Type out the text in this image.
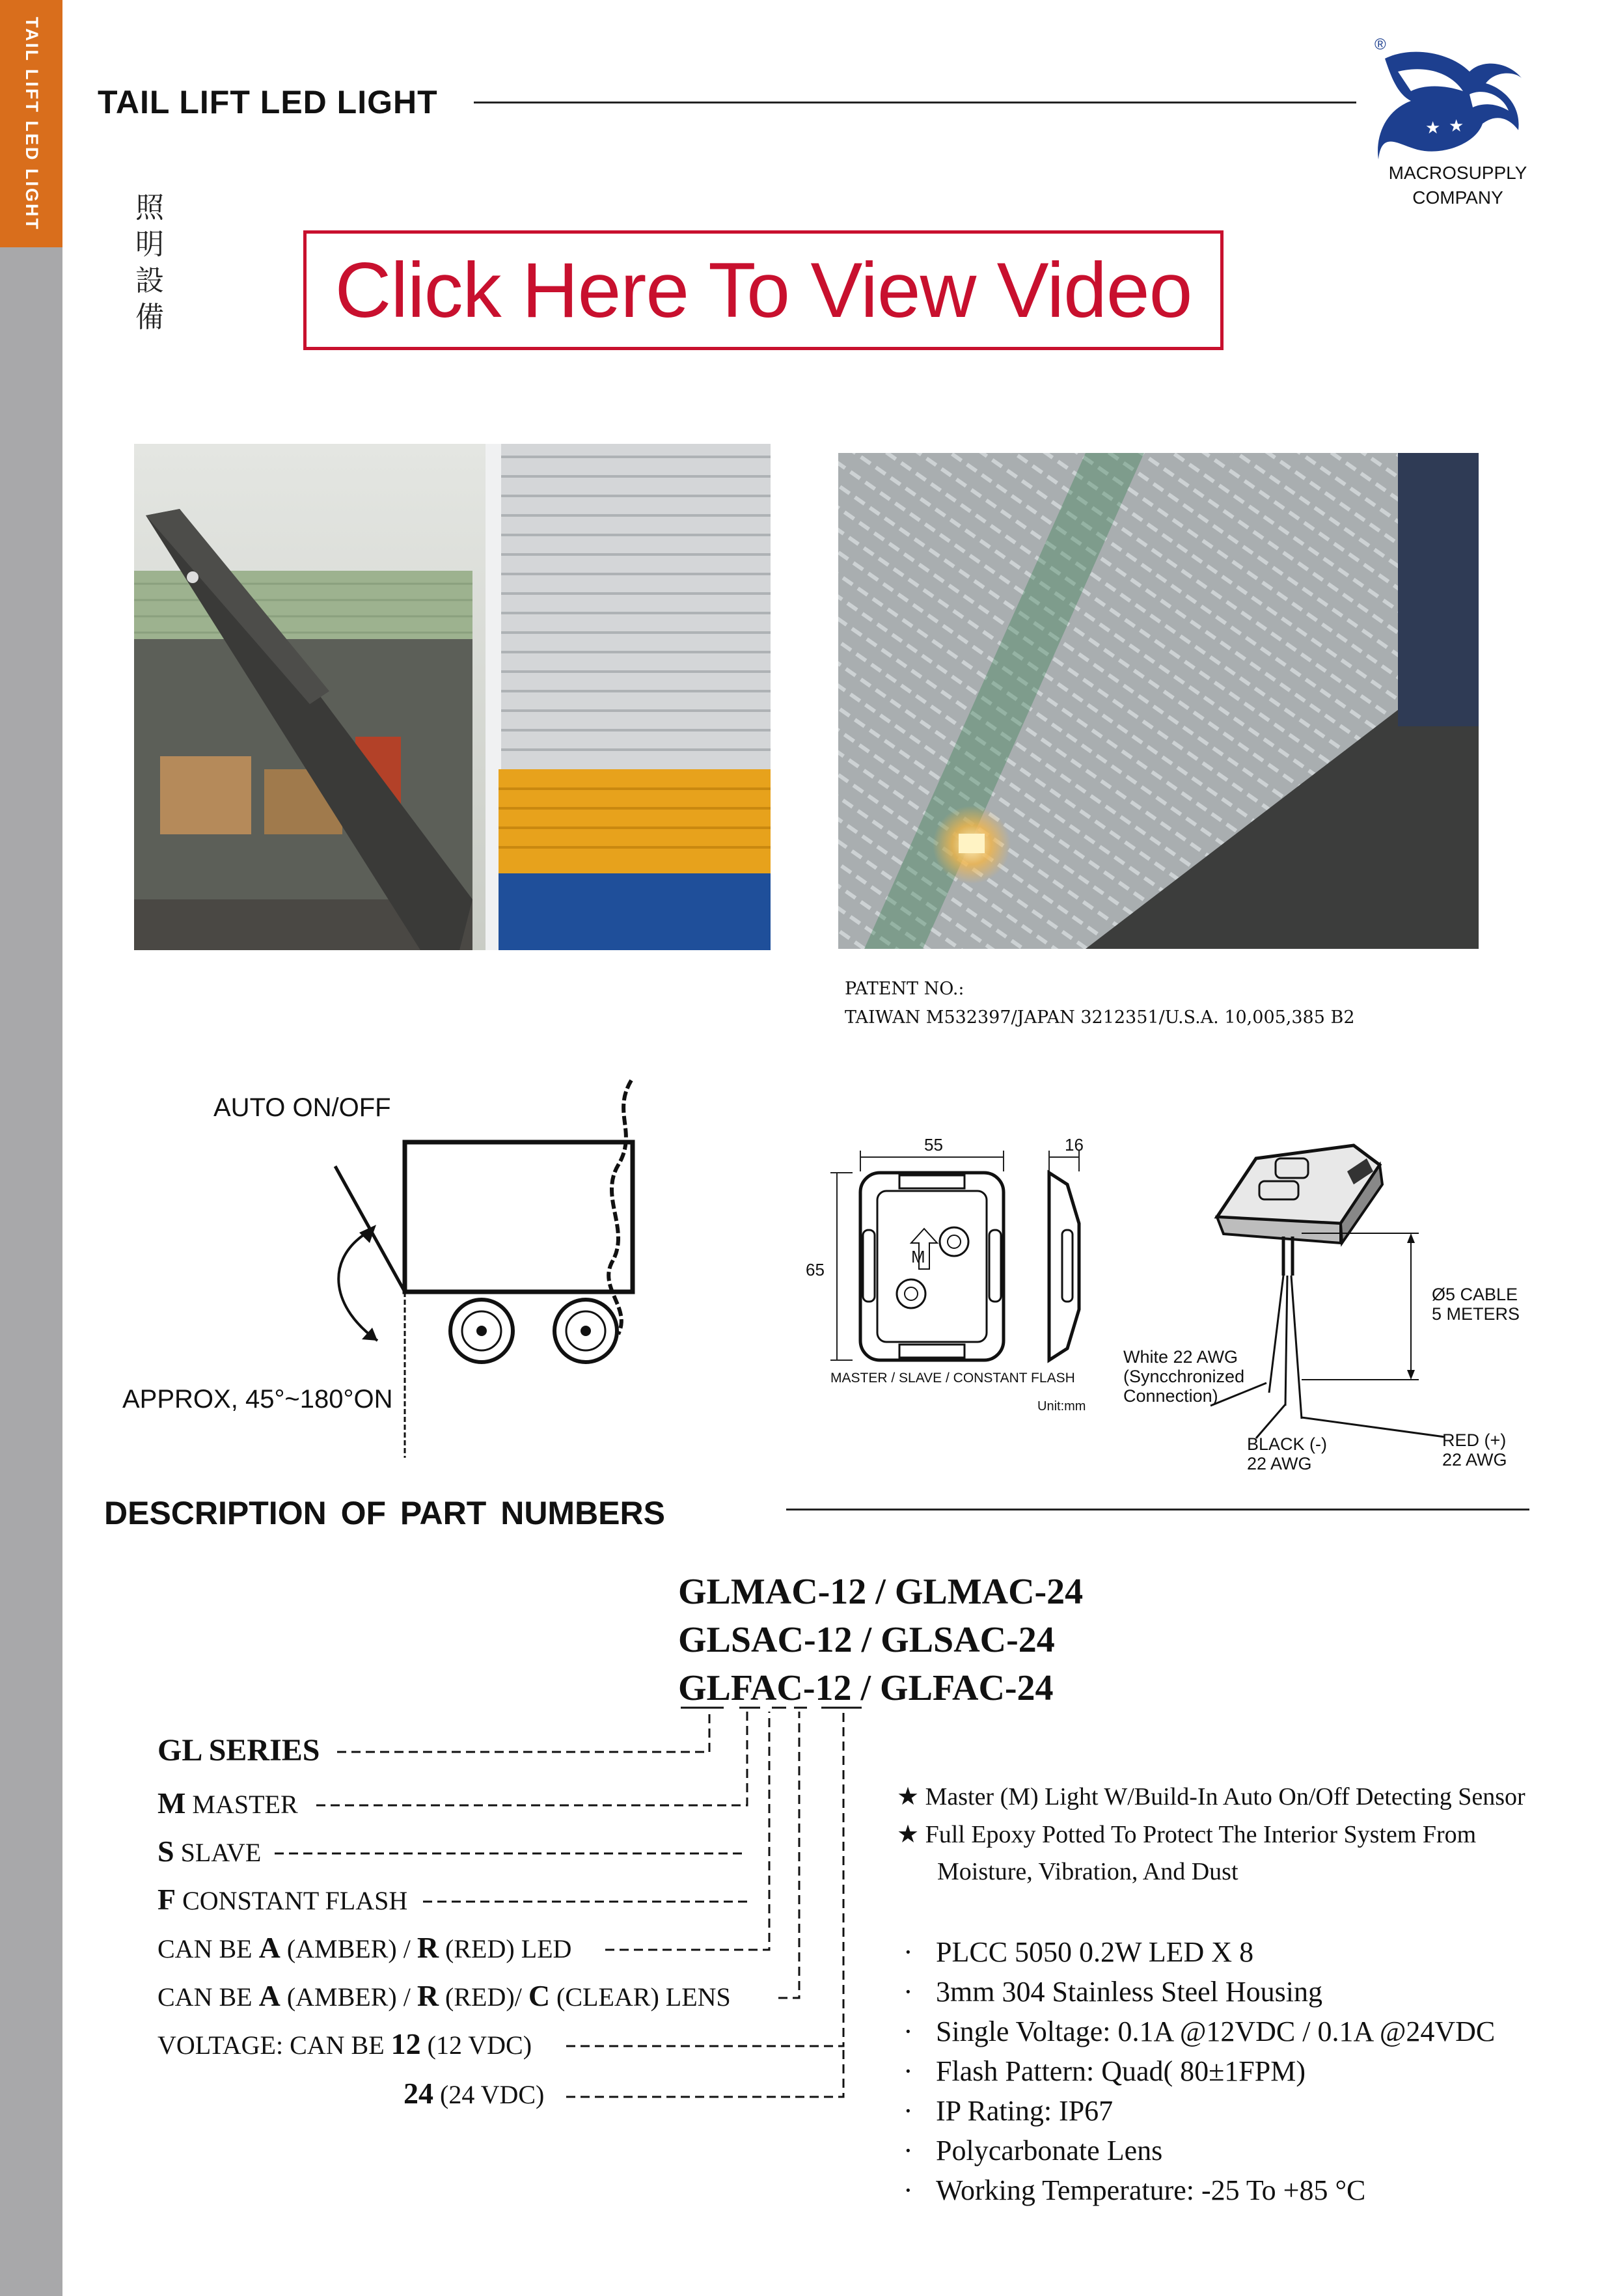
TAIL LIFT LED LIGHT TAIL LIFT LED LIGHT
照明設備
®
★ ★
MACROSUPPLY
COMPANY
Click Here To View Video
PATENT NO.:
TAIWAN M532397/JAPAN 3212351/U.S.A. 10,005,385 B2
AUTO ON/OFF
APPROX, 45°~180°ON
M
55	16
65
MASTER / SLAVE / CONSTANT FLASH
Unit:mm
Ø5 CABLE
5 METERS
White 22 AWG
(Syncchronized
Connection)
BLACK (-)
22 AWG
RED (+)
22 AWG
DESCRIPTION OF PART NUMBERS
GLMAC-12 / GLMAC-24
GLSAC-12 / GLSAC-24
GLFAC-12 / GLFAC-24
GL SERIES
M MASTER
S SLAVE
F CONSTANT FLASH
CAN BE A (AMBER) / R (RED) LED
CAN BE A (AMBER) / R (RED)/ C (CLEAR) LENS
VOLTAGE: CAN BE 12 (12 VDC)
24 (24 VDC)
★ Master (M) Light W/Build-In Auto On/Off Detecting Sensor
★ Full Epoxy Potted To Protect The Interior System From
Moisture, Vibration, And Dust
· PLCC 5050 0.2W LED X 8
· 3mm 304 Stainless Steel Housing
· Single Voltage: 0.1A @12VDC / 0.1A @24VDC
· Flash Pattern: Quad( 80±1FPM)
· IP Rating: IP67
· Polycarbonate Lens
· Working Temperature: -25 To +85 °C
